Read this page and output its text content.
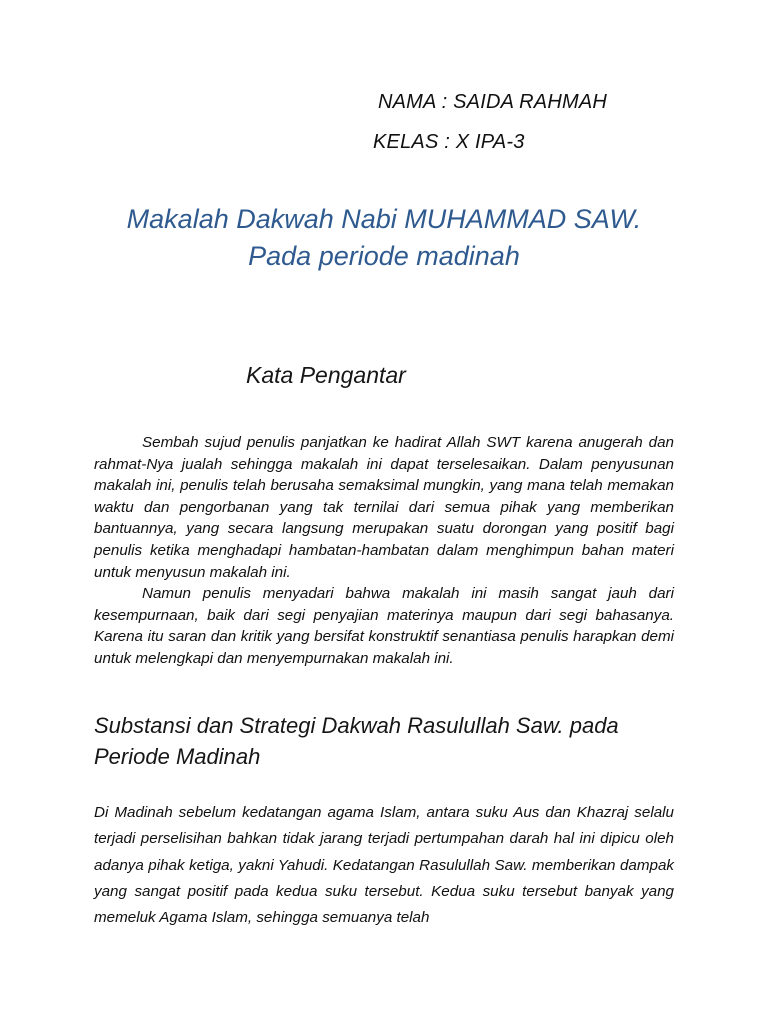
NAMA : SAIDA RAHMAH
KELAS : X IPA-3
Makalah Dakwah Nabi MUHAMMAD SAW.
Pada periode madinah
Kata Pengantar

Sembah sujud penulis panjatkan ke hadirat Allah SWT karena anugerah dan rahmat-Nya jualah sehingga makalah ini dapat terselesaikan. Dalam penyusunan makalah ini, penulis telah berusaha semaksimal mungkin, yang mana telah memakan waktu dan pengorbanan yang tak ternilai dari semua pihak yang memberikan bantuannya, yang secara langsung merupakan suatu dorongan yang positif bagi penulis ketika menghadapi hambatan-hambatan dalam menghimpun bahan materi untuk menyusun makalah ini.

Namun penulis menyadari bahwa makalah ini masih sangat jauh dari kesempurnaan, baik dari segi penyajian materinya maupun dari segi bahasanya. Karena itu saran dan kritik yang bersifat konstruktif senantiasa penulis harapkan demi untuk melengkapi dan menyempurnakan makalah ini.

Substansi dan Strategi Dakwah Rasulullah Saw. pada
Periode Madinah

Di Madinah sebelum kedatangan agama Islam, antara suku Aus dan Khazraj selalu terjadi perselisihan bahkan tidak jarang terjadi pertumpahan darah hal ini dipicu oleh adanya pihak ketiga, yakni Yahudi. Kedatangan Rasulullah Saw. memberikan dampak yang sangat positif pada kedua suku tersebut. Kedua suku tersebut banyak yang memeluk Agama Islam, sehingga semuanya telah
